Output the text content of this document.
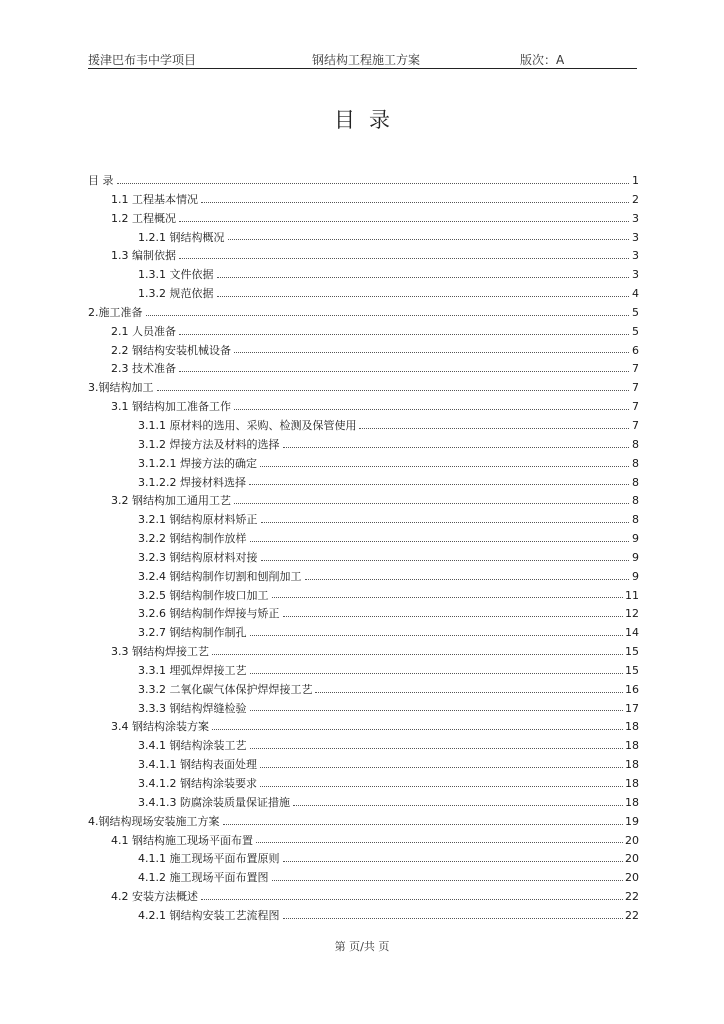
援津巴布韦中学项目	钢结构工程施工方案	版次：A
目录
目 录	1
1.1 工程基本情况	2
1.2 工程概况	3
1.2.1 钢结构概况	3
1.3 编制依据	3
1.3.1 文件依据	3
1.3.2 规范依据	4
2.施工准备	5
2.1 人员准备	5
2.2 钢结构安装机械设备	6
2.3 技术准备	7
3.钢结构加工	7
3.1 钢结构加工准备工作	7
3.1.1 原材料的选用、采购、检测及保管使用	7
3.1.2 焊接方法及材料的选择	8
3.1.2.1 焊接方法的确定	8
3.1.2.2 焊接材料选择	8
3.2 钢结构加工通用工艺	8
3.2.1 钢结构原材料矫正	8
3.2.2 钢结构制作放样	9
3.2.3 钢结构原材料对接	9
3.2.4 钢结构制作切割和刨削加工	9
3.2.5 钢结构制作坡口加工	11
3.2.6 钢结构制作焊接与矫正	12
3.2.7 钢结构制作制孔	14
3.3 钢结构焊接工艺	15
3.3.1 埋弧焊焊接工艺	15
3.3.2 二氧化碳气体保护焊焊接工艺	16
3.3.3 钢结构焊缝检验	17
3.4 钢结构涂装方案	18
3.4.1 钢结构涂装工艺	18
3.4.1.1 钢结构表面处理	18
3.4.1.2 钢结构涂装要求	18
3.4.1.3 防腐涂装质量保证措施	18
4.钢结构现场安装施工方案	19
4.1 钢结构施工现场平面布置	20
4.1.1 施工现场平面布置原则	20
4.1.2 施工现场平面布置图	20
4.2 安装方法概述	22
4.2.1 钢结构安装工艺流程图	22
第 页/共 页
